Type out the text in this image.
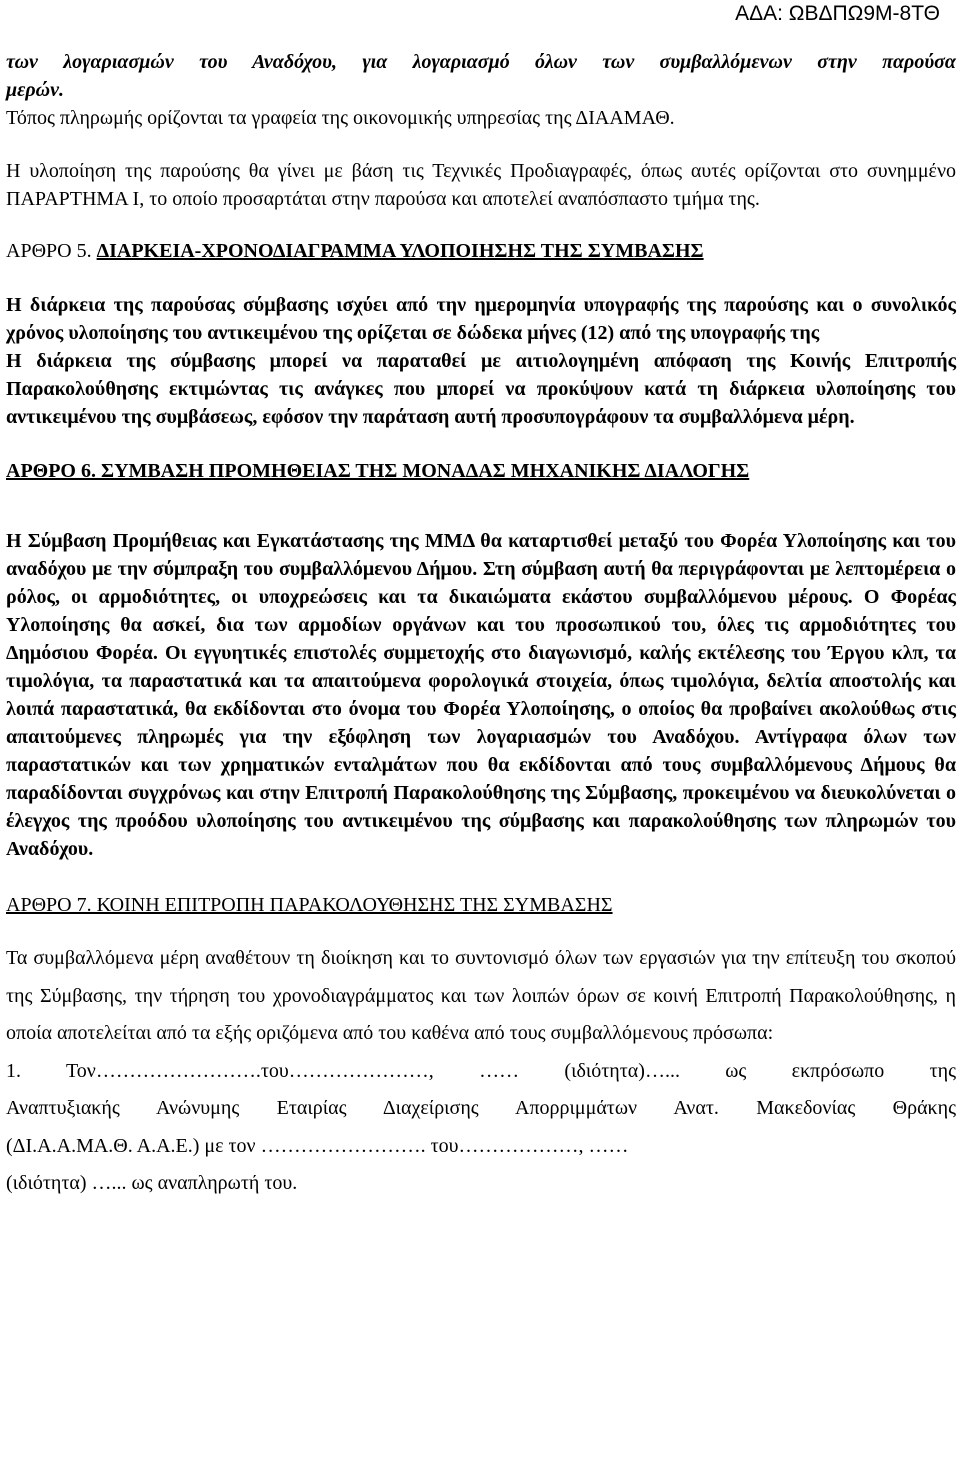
ΑΔΑ: ΩΒΔΠΩ9Μ-8ΤΘ
των λογαριασμών του Αναδόχου, για λογαριασμό όλων των συμβαλλόμενων στην παρούσα
μερών.
Τόπος πληρωμής ορίζονται τα γραφεία της οικονομικής υπηρεσίας της ΔΙΑΑΜΑΘ.

Η υλοποίηση της παρούσης θα γίνει με βάση τις Τεχνικές Προδιαγραφές, όπως αυτές ορίζονται στο συνημμένο ΠΑΡΑΡΤΗΜΑ Ι, το οποίο προσαρτάται στην παρούσα και αποτελεί αναπόσπαστο τμήμα της.

ΑΡΘΡΟ 5. ΔΙΑΡΚΕΙΑ-ΧΡΟΝΟΔΙΑΓΡΑΜΜΑ ΥΛΟΠΟΙΗΣΗΣ ΤΗΣ ΣΥΜΒΑΣΗΣ

Η διάρκεια της παρούσας σύμβασης ισχύει από την ημερομηνία υπογραφής της παρούσης και ο συνολικός χρόνος υλοποίησης του αντικειμένου της ορίζεται σε δώδεκα μήνες (12) από της υπογραφής της

Η διάρκεια της σύμβασης μπορεί να παραταθεί με αιτιολογημένη απόφαση της Κοινής Επιτροπής Παρακολούθησης εκτιμώντας τις ανάγκες που μπορεί να προκύψουν κατά τη διάρκεια υλοποίησης του αντικειμένου της συμβάσεως, εφόσον την παράταση αυτή προσυπογράφουν τα συμβαλλόμενα μέρη.

ΑΡΘΡΟ 6. ΣΥΜΒΑΣΗ ΠΡΟΜΗΘΕΙΑΣ ΤΗΣ ΜΟΝΑΔΑΣ ΜΗΧΑΝΙΚΗΣ ΔΙΑΛΟΓΗΣ

Η Σύμβαση Προμήθειας και Εγκατάστασης της ΜΜΔ θα καταρτισθεί μεταξύ του Φορέα Υλοποίησης και του αναδόχου με την σύμπραξη του συμβαλλόμενου Δήμου. Στη σύμβαση αυτή θα περιγράφονται με λεπτομέρεια ο ρόλος, οι αρμοδιότητες, οι υποχρεώσεις και τα δικαιώματα εκάστου συμβαλλόμενου μέρους. Ο Φορέας Υλοποίησης θα ασκεί, δια των αρμοδίων οργάνων και του προσωπικού του, όλες τις αρμοδιότητες του Δημόσιου Φορέα. Οι εγγυητικές επιστολές συμμετοχής στο διαγωνισμό, καλής εκτέλεσης του Έργου κλπ, τα τιμολόγια, τα παραστατικά και τα απαιτούμενα φορολογικά στοιχεία, όπως τιμολόγια, δελτία αποστολής και λοιπά παραστατικά, θα εκδίδονται στο όνομα του Φορέα Υλοποίησης, ο οποίος θα προβαίνει ακολούθως στις απαιτούμενες πληρωμές για την εξόφληση των λογαριασμών του Αναδόχου. Αντίγραφα όλων των παραστατικών και των χρηματικών ενταλμάτων που θα εκδίδονται από τους συμβαλλόμενους Δήμους θα παραδίδονται συγχρόνως και στην Επιτροπή Παρακολούθησης της Σύμβασης, προκειμένου να διευκολύνεται ο έλεγχος της προόδου υλοποίησης του αντικειμένου της σύμβασης και παρακολούθησης των πληρωμών του Αναδόχου.

ΑΡΘΡΟ 7. ΚΟΙΝΗ ΕΠΙΤΡΟΠΗ ΠΑΡΑΚΟΛΟΥΘΗΣΗΣ ΤΗΣ ΣΥΜΒΑΣΗΣ

Τα συμβαλλόμενα μέρη αναθέτουν τη διοίκηση και το συντονισμό όλων των εργασιών για την επίτευξη του σκοπού της Σύμβασης, την τήρηση του χρονοδιαγράμματος και των λοιπών όρων σε κοινή Επιτροπή Παρακολούθησης, η οποία αποτελείται από τα εξής οριζόμενα από του καθένα από τους συμβαλλόμενους πρόσωπα:

1. Τον…………………….του…………………, …… (ιδιότητα)…... ως εκπρόσωπο της
Αναπτυξιακής Ανώνυμης Εταιρίας Διαχείρισης Απορριμμάτων Ανατ. Μακεδονίας Θράκης
(ΔΙ.Α.Α.ΜΑ.Θ. Α.Α.Ε.) με τον ……………………. του………………, ……
(ιδιότητα) …... ως αναπληρωτή του.
